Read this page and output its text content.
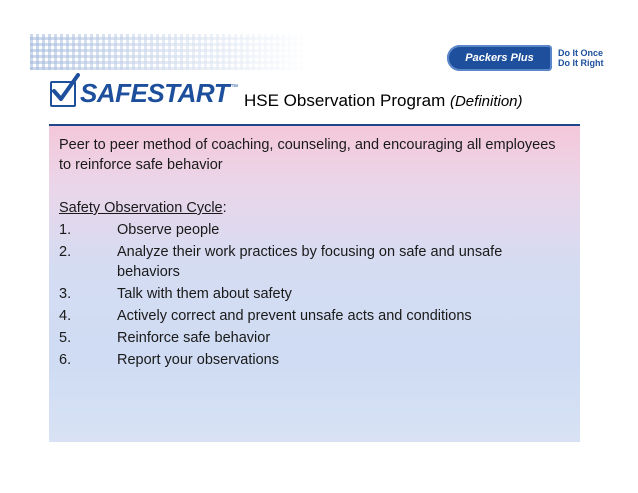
Packers Plus	Do It Once
Do It Right
SAFESTART ™
HSE Observation Program (Definition)

Peer to peer method of coaching, counseling, and encouraging all employees to reinforce safe behavior

Safety Observation Cycle:
1.	Observe people
2.	Analyze their work practices by focusing on safe and unsafe behaviors
3.	Talk with them about safety
4.	Actively correct and prevent unsafe acts and conditions
5.	Reinforce safe behavior
6.	Report your observations
